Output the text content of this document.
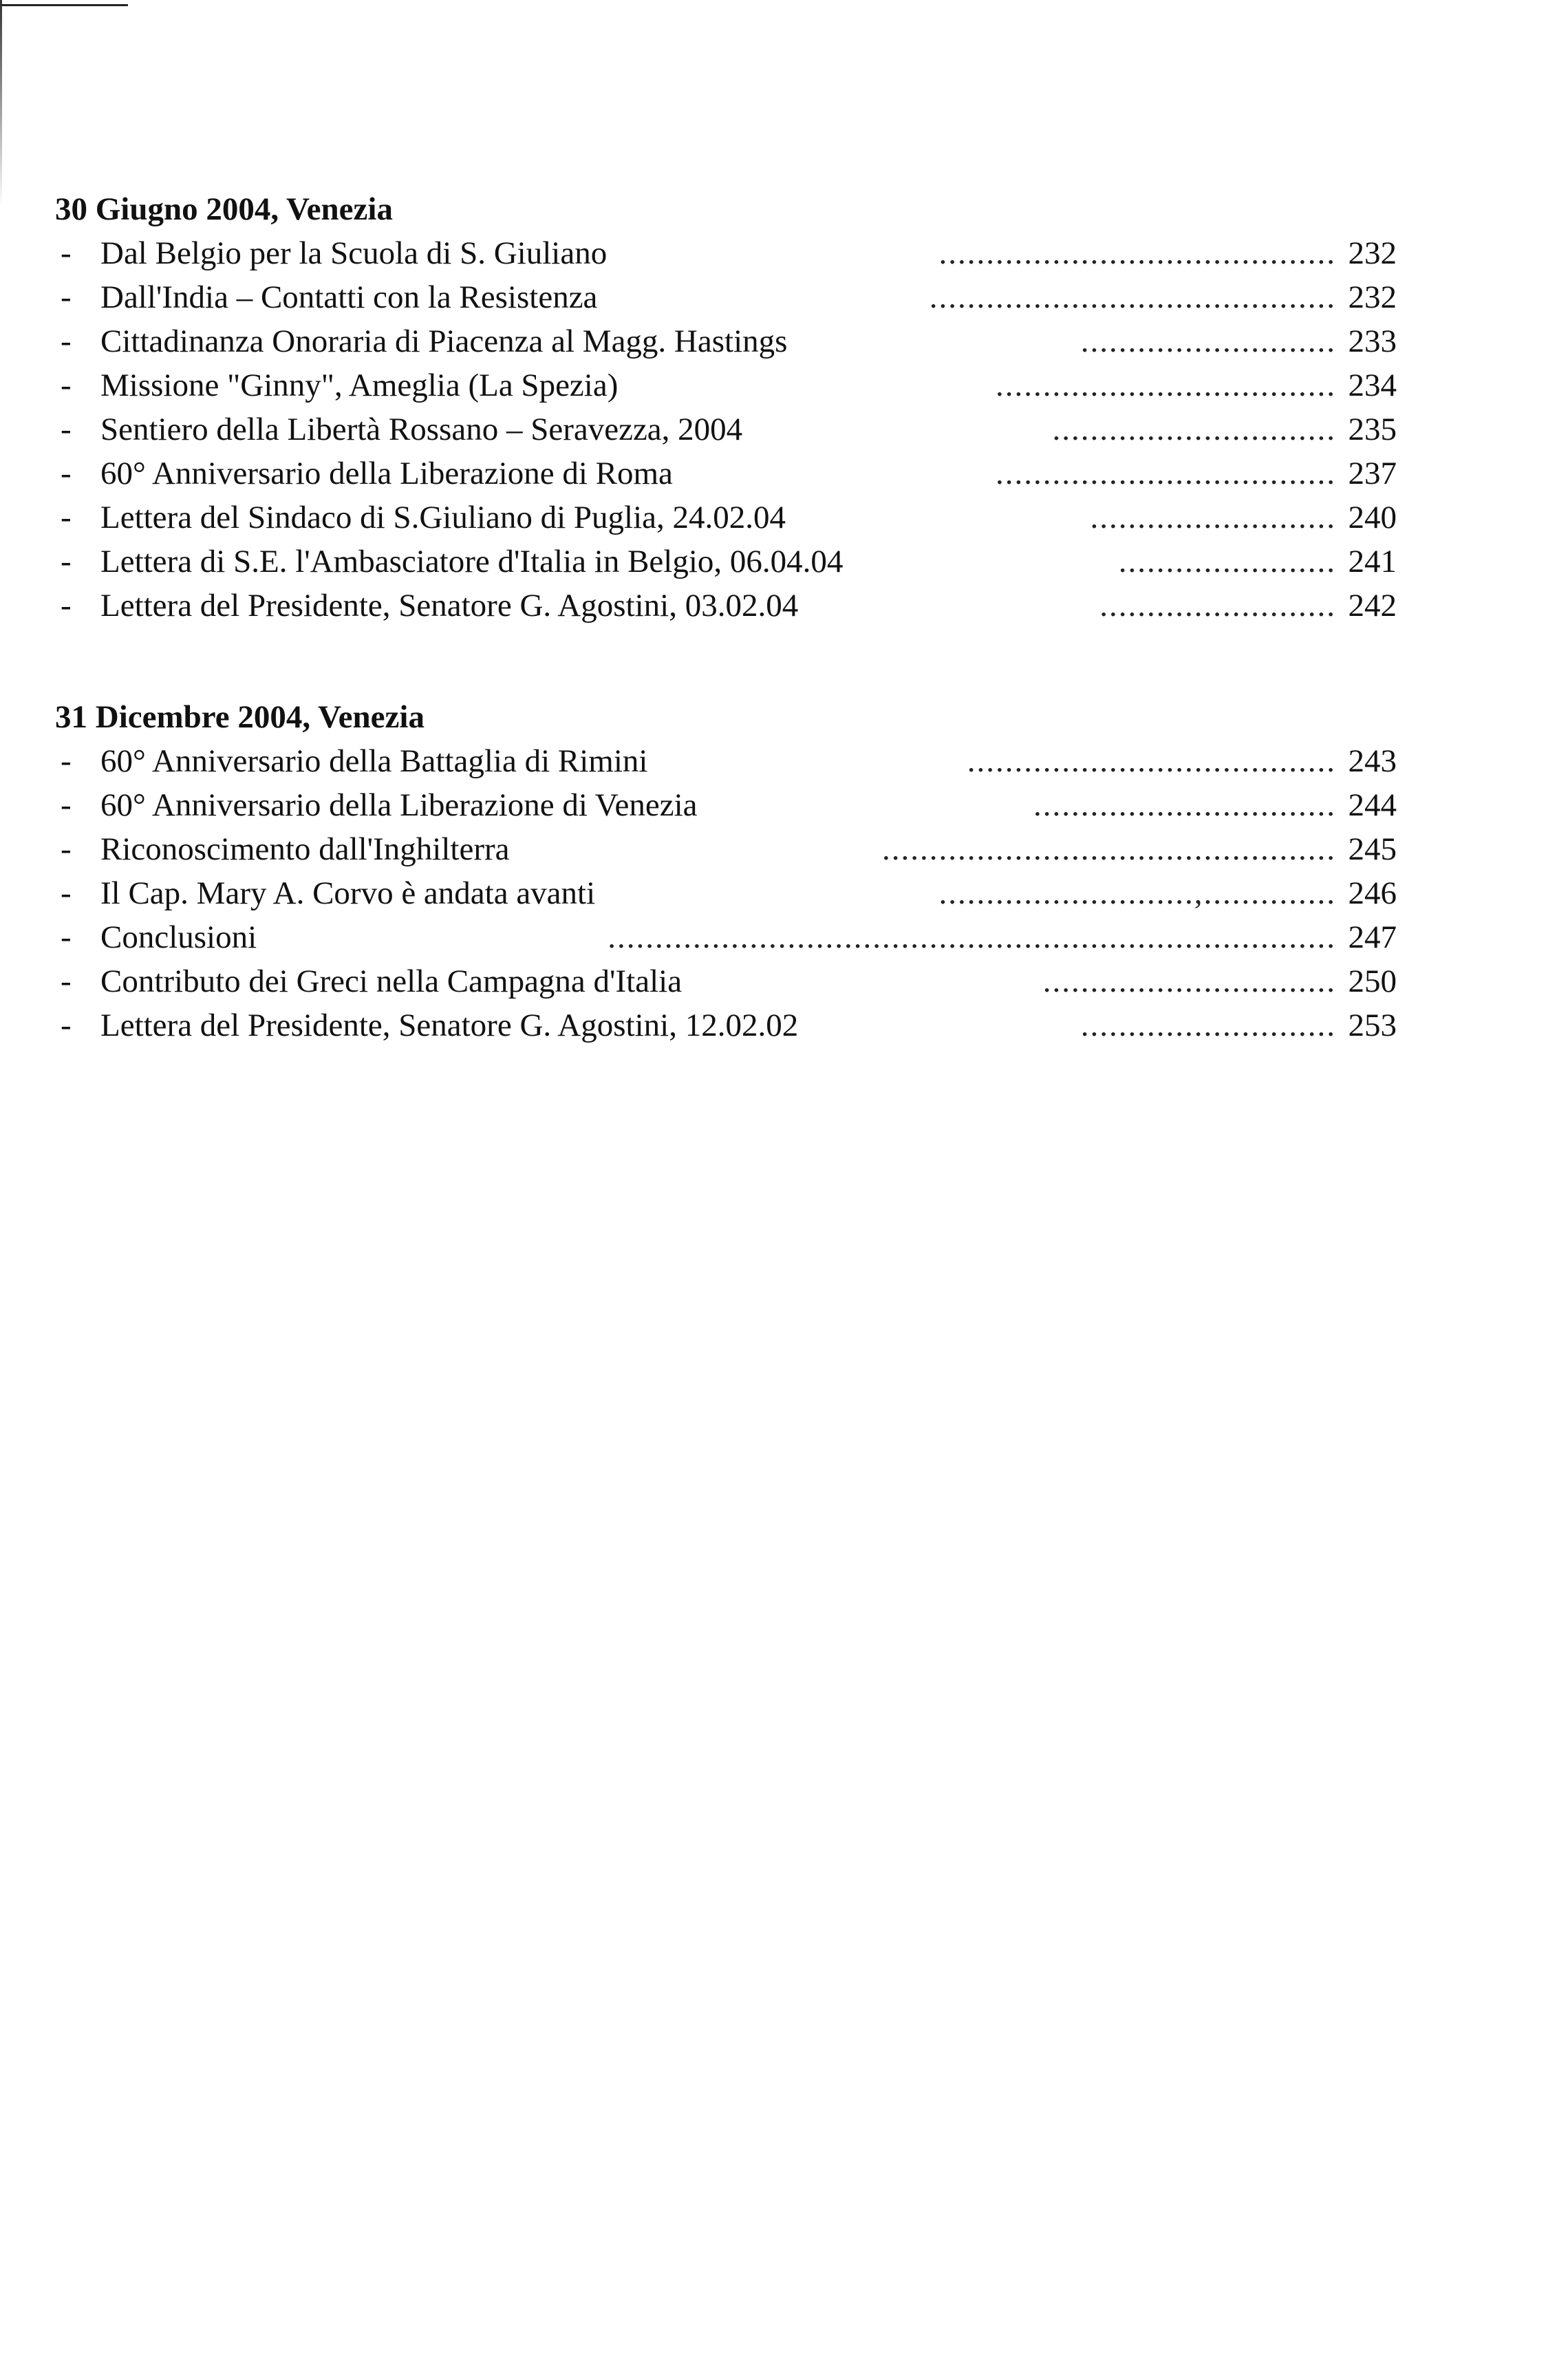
30 Giugno 2004, Venezia
- Dal Belgio per la Scuola di S. Giuliano	.......................................... 232
- Dall'India – Contatti con la Resistenza	........................................... 232
- Cittadinanza Onoraria di Piacenza al Magg. Hastings	........................... 233
- Missione "Ginny", Ameglia (La Spezia)	.................................... 234
- Sentiero della Libertà Rossano – Seravezza, 2004	.............................. 235
- 60° Anniversario della Liberazione di Roma	.................................... 237
- Lettera del Sindaco di S.Giuliano di Puglia, 24.02.04	.......................... 240
- Lettera di S.E. l'Ambasciatore d'Italia in Belgio, 06.04.04	....................... 241
- Lettera del Presidente, Senatore G. Agostini, 03.02.04	......................... 242
31 Dicembre 2004, Venezia
- 60° Anniversario della Battaglia di Rimini	....................................... 243
- 60° Anniversario della Liberazione di Venezia	................................ 244
- Riconoscimento dall'Inghilterra	................................................ 245
- Il Cap. Mary A. Corvo è andata avanti	...........................,.............. 246
- Conclusioni	............................................................................. 247
- Contributo dei Greci nella Campagna d'Italia	............................... 250
- Lettera del Presidente, Senatore G. Agostini, 12.02.02	........................... 253
